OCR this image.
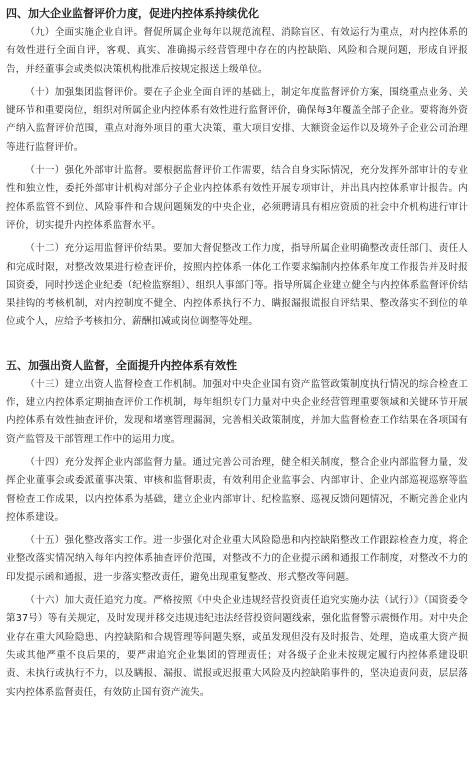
四、加大企业监督评价力度，促进内控体系持续优化

（九）全面实施企业自评。督促所属企业每年以规范流程、消除盲区、有效运行为重点，对内控体系的有效性进行全面自评，客观、真实、准确揭示经营管理中存在的内控缺陷、风险和合规问题，形成自评报告，并经董事会或类似决策机构批准后按规定报送上级单位。

（十）加强集团监督评价。要在子企业全面自评的基础上，制定年度监督评价方案，围绕重点业务、关键环节和重要岗位，组织对所属企业内控体系有效性进行监督评价，确保每3年覆盖全部子企业。要将海外资产纳入监督评价范围，重点对海外项目的重大决策、重大项目安排、大额资金运作以及境外子企业公司治理等进行监督评价。

（十一）强化外部审计监督。要根据监督评价工作需要，结合自身实际情况，充分发挥外部审计的专业性和独立性，委托外部审计机构对部分子企业内控体系有效性开展专项审计，并出具内控体系审计报告。内控体系监管不到位、风险事件和合规问题频发的中央企业，必须聘请具有相应资质的社会中介机构进行审计评价，切实提升内控体系监督水平。

（十二）充分运用监督评价结果。要加大督促整改工作力度，指导所属企业明确整改责任部门、责任人和完成时限，对整改效果进行检查评价，按照内控体系一体化工作要求编制内控体系年度工作报告并及时报国资委，同时抄送企业纪委（纪检监察组）、组织人事部门等。指导所属企业建立健全与内控体系监督评价结果挂钩的考核机制，对内控制度不健全、内控体系执行不力、瞒报漏报谎报自评结果、整改落实不到位的单位或个人，应给予考核扣分、薪酬扣减或岗位调整等处理。

五、加强出资人监督，全面提升内控体系有效性

（十三）建立出资人监督检查工作机制。加强对中央企业国有资产监管政策制度执行情况的综合检查工作，建立内控体系定期抽查评价工作机制，每年组织专门力量对中央企业经营管理重要领域和关键环节开展内控体系有效性抽查评价，发现和堵塞管理漏洞，完善相关政策制度，并加大监督检查工作结果在各项国有资产监管及干部管理工作中的运用力度。

（十四）充分发挥企业内部监督力量。通过完善公司治理，健全相关制度，整合企业内部监督力量，发挥企业董事会或委派董事决策、审核和监督职责，有效利用企业监事会、内部审计、企业内部巡视巡察等监督检查工作成果，以内控体系为基础，建立企业内部审计、纪检监察、巡视反馈问题情况，不断完善企业内控体系建设。

（十五）强化整改落实工作。进一步强化对企业重大风险隐患和内控缺陷整改工作跟踪检查力度，将企业整改落实情况纳入每年内控体系抽查评价范围，对整改不力的企业提示函和通报工作制度，对整改不力的印发提示函和通报，进一步落实整改责任，避免出现重复整改、形式整改等问题。

（十六）加大责任追究力度。严格按照《中央企业违规经营投资责任追究实施办法（试行）》（国资委令第37号）等有关规定，及时发现并移交违规违纪违法经营投资问题线索，强化监督警示震慑作用。对中央企业存在重大风险隐患、内控缺陷和合规管理等问题失察，或虽发现但没有及时报告、处理，造成重大资产损失或其他严重不良后果的，要严肃追究企业集团的管理责任；对各级子企业未按规定履行内控体系建设职责、未执行或执行不力，以及瞒报、漏报、谎报或迟报重大风险及内控缺陷事件的，坚决追责问责，层层落实内控体系监督责任，有效防止国有资产流失。
